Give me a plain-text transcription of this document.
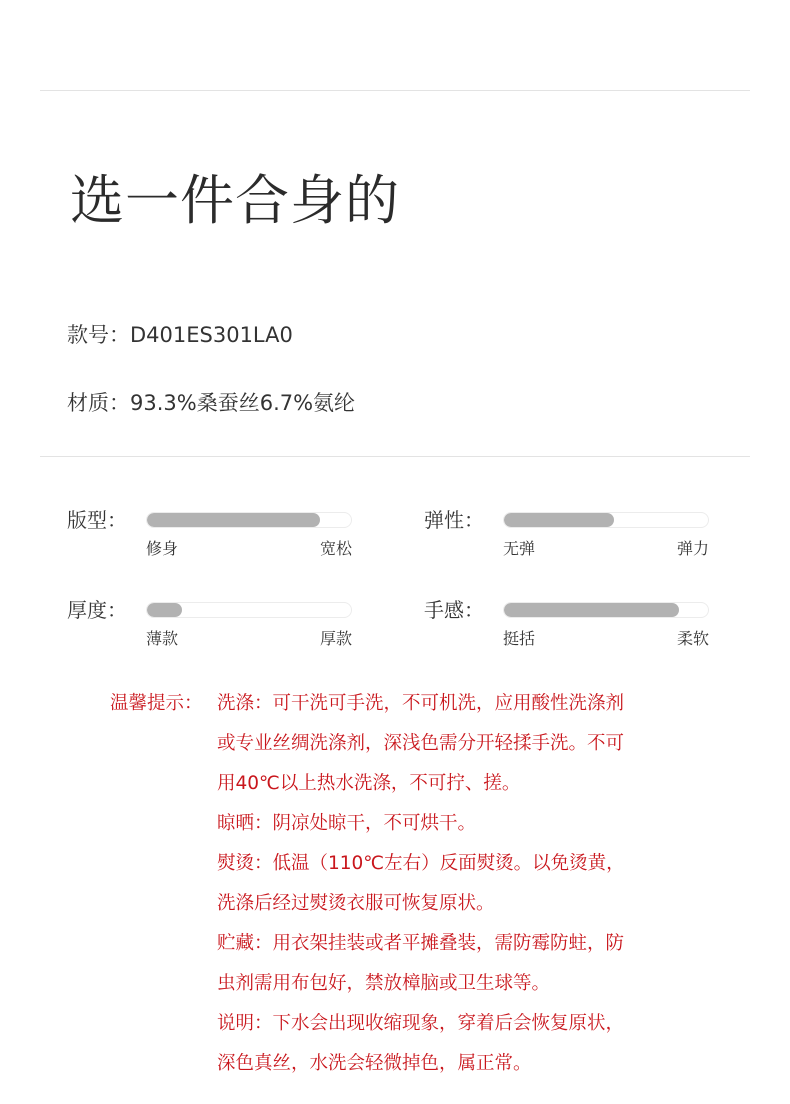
选一件合身的
款号：D401ES301LA0
材质：93.3%桑蚕丝6.7%氨纶
版型：
修身	宽松
弹性：
无弹	弹力
厚度：
薄款	厚款
手感：
挺括	柔软
温馨提示： 洗涤：可干洗可手洗，不可机洗，应用酸性洗涤剂
或专业丝绸洗涤剂，深浅色需分开轻揉手洗。不可
用40℃以上热水洗涤，不可拧、搓。
晾晒：阴凉处晾干，不可烘干。
熨烫：低温（110℃左右）反面熨烫。以免烫黄，
洗涤后经过熨烫衣服可恢复原状。
贮藏：用衣架挂装或者平摊叠装，需防霉防蛀，防
虫剂需用布包好，禁放樟脑或卫生球等。
说明：下水会出现收缩现象，穿着后会恢复原状，
深色真丝，水洗会轻微掉色，属正常。
